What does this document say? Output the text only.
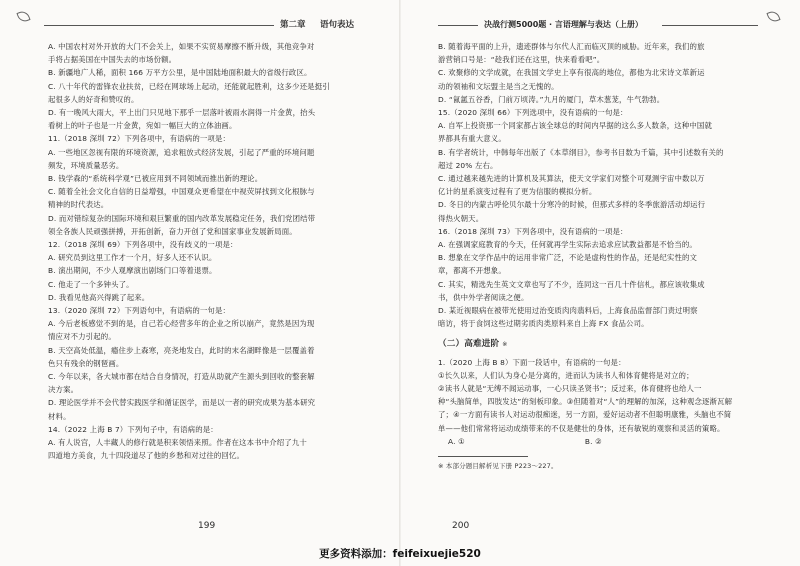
第二章 语句表达
A. 中国农村对外开放的大门不会关上，如果不实贸易摩擦不断升级，其他竞争对
手将占据美国在中国失去的市场份额。
B. 新疆地广人稀，面积 166 万平方公里，是中国陆地面积最大的省级行政区。
C. 八十年代的雷锋农业扶贫，已经在网球场上起动，还能就起胜利，这多少还是挺引
起很多人的好奇和赞叹的。
D. 有一晚风大雨大，平上出门只见地下那乎一层落叶被雨水润得一片金黄，抬头
看树上的叶子也是一片金黄，宛如一幅巨大的立体油画。
11.（2018 深圳 72）下列各项中，有语病的一项是：
A. 一些地区忽视有限的环境资源，追求粗放式经济发展，引起了严重的环境问题
频发，环境质量恶劣。
B. 钱学森的“系统科学观”已被应用到不同领域而推出新的理论。
C. 随着全社会文化自信的日益增强，中国观众更希望在中视荧屏找到文化根脉与
精神的时代表达。
D. 而对错综复杂的国际环境和艰巨繁重的国内改革发展稳定任务，我们党团结带
领全各族人民顽强拼搏，开拓创新，奋力开创了党和国家事业发展新局面。
12.（2018 深圳 69）下列各项中，没有歧义的一项是：
A. 研究员到这里工作才一个月，好多人还不认识。
B. 演出期间，不少人观摩演出剧场门口等着退票。
C. 他走了一个多钟头了。
D. 我看见他高兴得跳了起来。
13.（2020 深圳 72）下列语句中，有语病的一句是：
A. 今后老板感觉不到的是，自己若心经营多年的企业之所以崩产，竟然是因为现
情应对不力引起的。
B. 天空高处低温，瘾住步上森寒，亮尧地发白，此时的末名湖畔像是一层覆盖着
色只有残余的钢琶画。
C. 今年以来，各大城市都在结合自身情况，打造从助就产生源头到回收的整套解
决方案。
D. 理论医学并不会代替实践医学和循证医学，而是以一者的研究成果为基本研究
材料。
14.（2022 上海 B 7）下列句子中，有语病的是：
A. 有人说宫，人丰藏人的修行就是积来领悟来照。作者在这本书中介绍了九十
四道地方美食，九十四段道尽了他的乡愁和对过往的回忆。
199
决战行测5000题 · 言语理解与表达（上册）
B. 随着海平面的上升，遗迹群体与尔代人汇而临灭顶的威胁。近年来，我们的旅
游营销口号是：“趁我们还在这里，快来看看吧”。
C. 欢聚修的文学成就，在我国文学史上享有很高的地位，都他为北宋诗文革新运
动的领袖和文坛盟主是当之无愧的。
D. “氤氲五谷香，门前万顷涛。”九月的厦门，草木葱茏，牛气勃勃。
15.（2020 深圳 66）下列选项中，没有语病的一句是：
A. 自军上投资那一个同家都占该全球总的时间内早据的这么多人数条，这种中国就
界都具有重大意义。
B. 有学者统计，中韩每年出版了《本草纲目》，参考书目数为千篇，其中引述数有关的
超过 20% 左右。
C. 通过越来越先进的计算机及其算法，使天文学家们对整个可观测宇宙中数以万
亿计的星系演变过程有了更为信服的模拟分析。
D. 冬日的内蒙古呼伦贝尔最十分寒冷的时候，但那式多样的冬季旅游活动却运行
得热火朝天。
16.（2018 深圳 73）下列各项中，没有语病的一项是：
A. 在强调家庭教育的今天，任何就再学生实际去追求应试教益都是不恰当的。
B. 想象在文学作品中的运用非常广泛，不论是虚构性的作品，还是纪实性的文
章，都离不开想象。
C. 其实，精选先生英文文章也写了不少，连同这一百几十件信札，都应该收集成
书，供中外学者阅读之便。
D. 某近视眼病在被带光使用过治变质肉肉翡料后，上海食品监督部门责过明察
暗访，将于食饲这些过期劣质肉类原料来自上海 FX 食品公司。
（二）高难进阶 ※
1.（2020 上海 B 8）下面一段话中，有语病的一句是：
①长久以来，人们认为身心是分离的，进而认为读书人和体育健将是对立的；
②读书人就是“无缚不闻运动事，一心只读圣贤书”；反过来，体育健将也给人一
种“头脑简单，四肢发达”的刻板印象。③但随着对“人”的理解的加深，这种观念逐渐瓦解
了；④一方面有读书人对运动很痴迷，另一方面，爱好运动者不但聪明康雅，头脑也不简
单——他们常常将运动成绩带来的不仅是健壮的身体，还有敏锐的观察和灵活的策略。
A. ①	B. ②
※ 本部分题目解析见下册 P223～227。
200
更多资料添加：feifeixuejie520
